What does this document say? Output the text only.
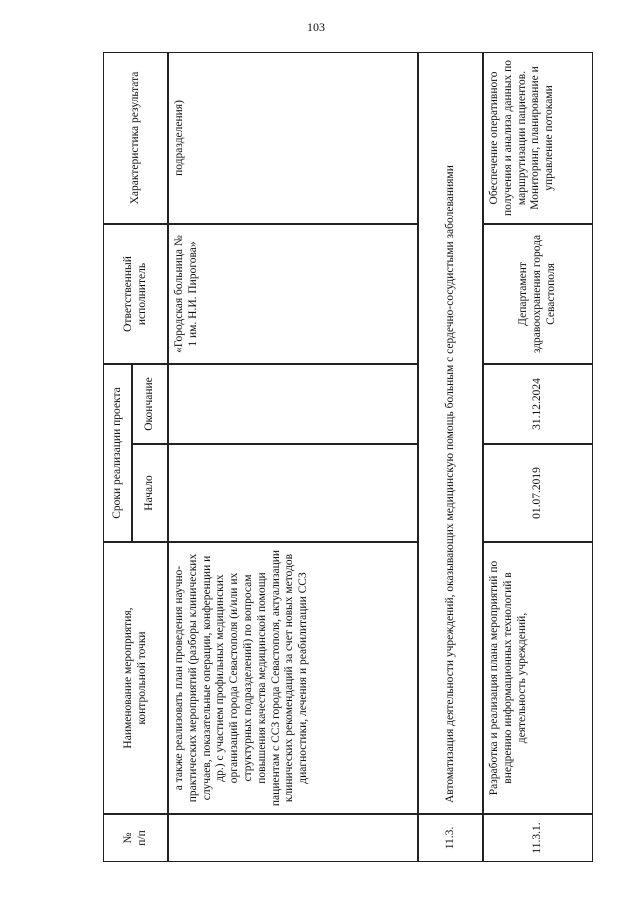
103
№
п/п
Наименование мероприятия,
контрольной точки
Сроки реализации проекта	Начало
Окончание
Ответственный
исполнитель
Характеристика результата
а также реализовать план проведения научно-практических мероприятий (разборы клинических случаев, показательные операции, конференции и др.) с участием профильных медицинских организаций города Севастополя (и/или их структурных подразделений) по вопросам повышения качества медицинской помощи пациентам с ССЗ города Севастополя, актуализации клинических рекомендаций за счет новых методов диагностики, лечения и реабилитации ССЗ
«Городская больница № 1 им. Н.И. Пирогова»
подразделения)
11.3.
Автоматизация деятельности учреждений, оказывающих медицинскую помощь больным с сердечно-сосудистыми заболеваниями
11.3.1.
Разработка и реализация плана мероприятий по внедрению информационных технологий в деятельность учреждений,
01.07.2019
31.12.2024
Департамент здравоохранения города Севастополя
Обеспечение оперативного получения и анализа данных по маршрутизации пациентов. Мониторинг, планирование и управление потоками
